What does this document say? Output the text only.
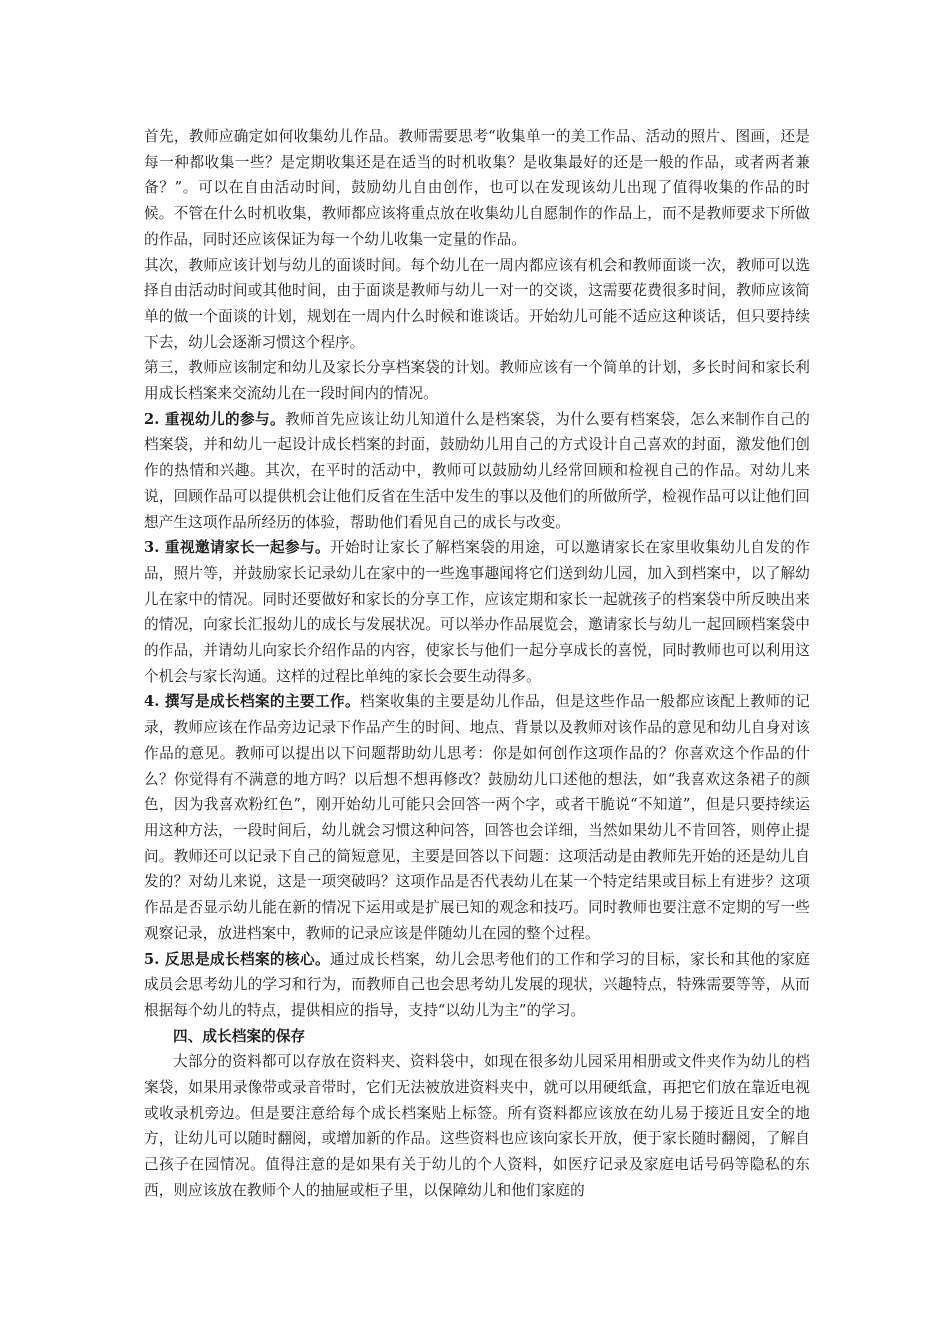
首先，教师应确定如何收集幼儿作品。教师需要思考“收集单一的美工作品、活动的照片、图画，还是每一种都收集一些？是定期收集还是在适当的时机收集？是收集最好的还是一般的作品，或者两者兼备？”。可以在自由活动时间，鼓励幼儿自由创作，也可以在发现该幼儿出现了值得收集的作品的时候。不管在什么时机收集，教师都应该将重点放在收集幼儿自愿制作的作品上，而不是教师要求下所做的作品，同时还应该保证为每一个幼儿收集一定量的作品。

其次，教师应该计划与幼儿的面谈时间。每个幼儿在一周内都应该有机会和教师面谈一次，教师可以选择自由活动时间或其他时间，由于面谈是教师与幼儿一对一的交谈，这需要花费很多时间，教师应该简单的做一个面谈的计划，规划在一周内什么时候和谁谈话。开始幼儿可能不适应这种谈话，但只要持续下去，幼儿会逐渐习惯这个程序。

第三，教师应该制定和幼儿及家长分享档案袋的计划。教师应该有一个简单的计划，多长时间和家长利用成长档案来交流幼儿在一段时间内的情况。

2. 重视幼儿的参与。教师首先应该让幼儿知道什么是档案袋，为什么要有档案袋，怎么来制作自己的档案袋，并和幼儿一起设计成长档案的封面，鼓励幼儿用自己的方式设计自己喜欢的封面，激发他们创作的热情和兴趣。其次，在平时的活动中，教师可以鼓励幼儿经常回顾和检视自己的作品。对幼儿来说，回顾作品可以提供机会让他们反省在生活中发生的事以及他们的所做所学，检视作品可以让他们回想产生这项作品所经历的体验，帮助他们看见自己的成长与改变。

3. 重视邀请家长一起参与。开始时让家长了解档案袋的用途，可以邀请家长在家里收集幼儿自发的作品，照片等，并鼓励家长记录幼儿在家中的一些逸事趣闻将它们送到幼儿园，加入到档案中，以了解幼儿在家中的情况。同时还要做好和家长的分享工作，应该定期和家长一起就孩子的档案袋中所反映出来的情况，向家长汇报幼儿的成长与发展状况。可以举办作品展览会，邀请家长与幼儿一起回顾档案袋中的作品，并请幼儿向家长介绍作品的内容，使家长与他们一起分享成长的喜悦，同时教师也可以利用这个机会与家长沟通。这样的过程比单纯的家长会要生动得多。

4. 撰写是成长档案的主要工作。档案收集的主要是幼儿作品，但是这些作品一般都应该配上教师的记录，教师应该在作品旁边记录下作品产生的时间、地点、背景以及教师对该作品的意见和幼儿自身对该作品的意见。教师可以提出以下问题帮助幼儿思考：你是如何创作这项作品的？你喜欢这个作品的什么？你觉得有不满意的地方吗？以后想不想再修改？鼓励幼儿口述他的想法，如“我喜欢这条裙子的颜色，因为我喜欢粉红色”，刚开始幼儿可能只会回答一两个字，或者干脆说“不知道”，但是只要持续运用这种方法，一段时间后，幼儿就会习惯这种问答，回答也会详细，当然如果幼儿不肯回答，则停止提问。教师还可以记录下自己的简短意见，主要是回答以下问题：这项活动是由教师先开始的还是幼儿自发的？对幼儿来说，这是一项突破吗？这项作品是否代表幼儿在某一个特定结果或目标上有进步？这项作品是否显示幼儿能在新的情况下运用或是扩展已知的观念和技巧。同时教师也要注意不定期的写一些观察记录，放进档案中，教师的记录应该是伴随幼儿在园的整个过程。

5. 反思是成长档案的核心。通过成长档案，幼儿会思考他们的工作和学习的目标，家长和其他的家庭成员会思考幼儿的学习和行为，而教师自己也会思考幼儿发展的现状，兴趣特点，特殊需要等等，从而根据每个幼儿的特点，提供相应的指导，支持“以幼儿为主”的学习。

四、成长档案的保存

大部分的资料都可以存放在资料夹、资料袋中，如现在很多幼儿园采用相册或文件夹作为幼儿的档案袋，如果用录像带或录音带时，它们无法被放进资料夹中，就可以用硬纸盒，再把它们放在靠近电视或收录机旁边。但是要注意给每个成长档案贴上标签。所有资料都应该放在幼儿易于接近且安全的地方，让幼儿可以随时翻阅，或增加新的作品。这些资料也应该向家长开放，便于家长随时翻阅，了解自己孩子在园情况。值得注意的是如果有关于幼儿的个人资料，如医疗记录及家庭电话号码等隐私的东西，则应该放在教师个人的抽屉或柜子里，以保障幼儿和他们家庭的
